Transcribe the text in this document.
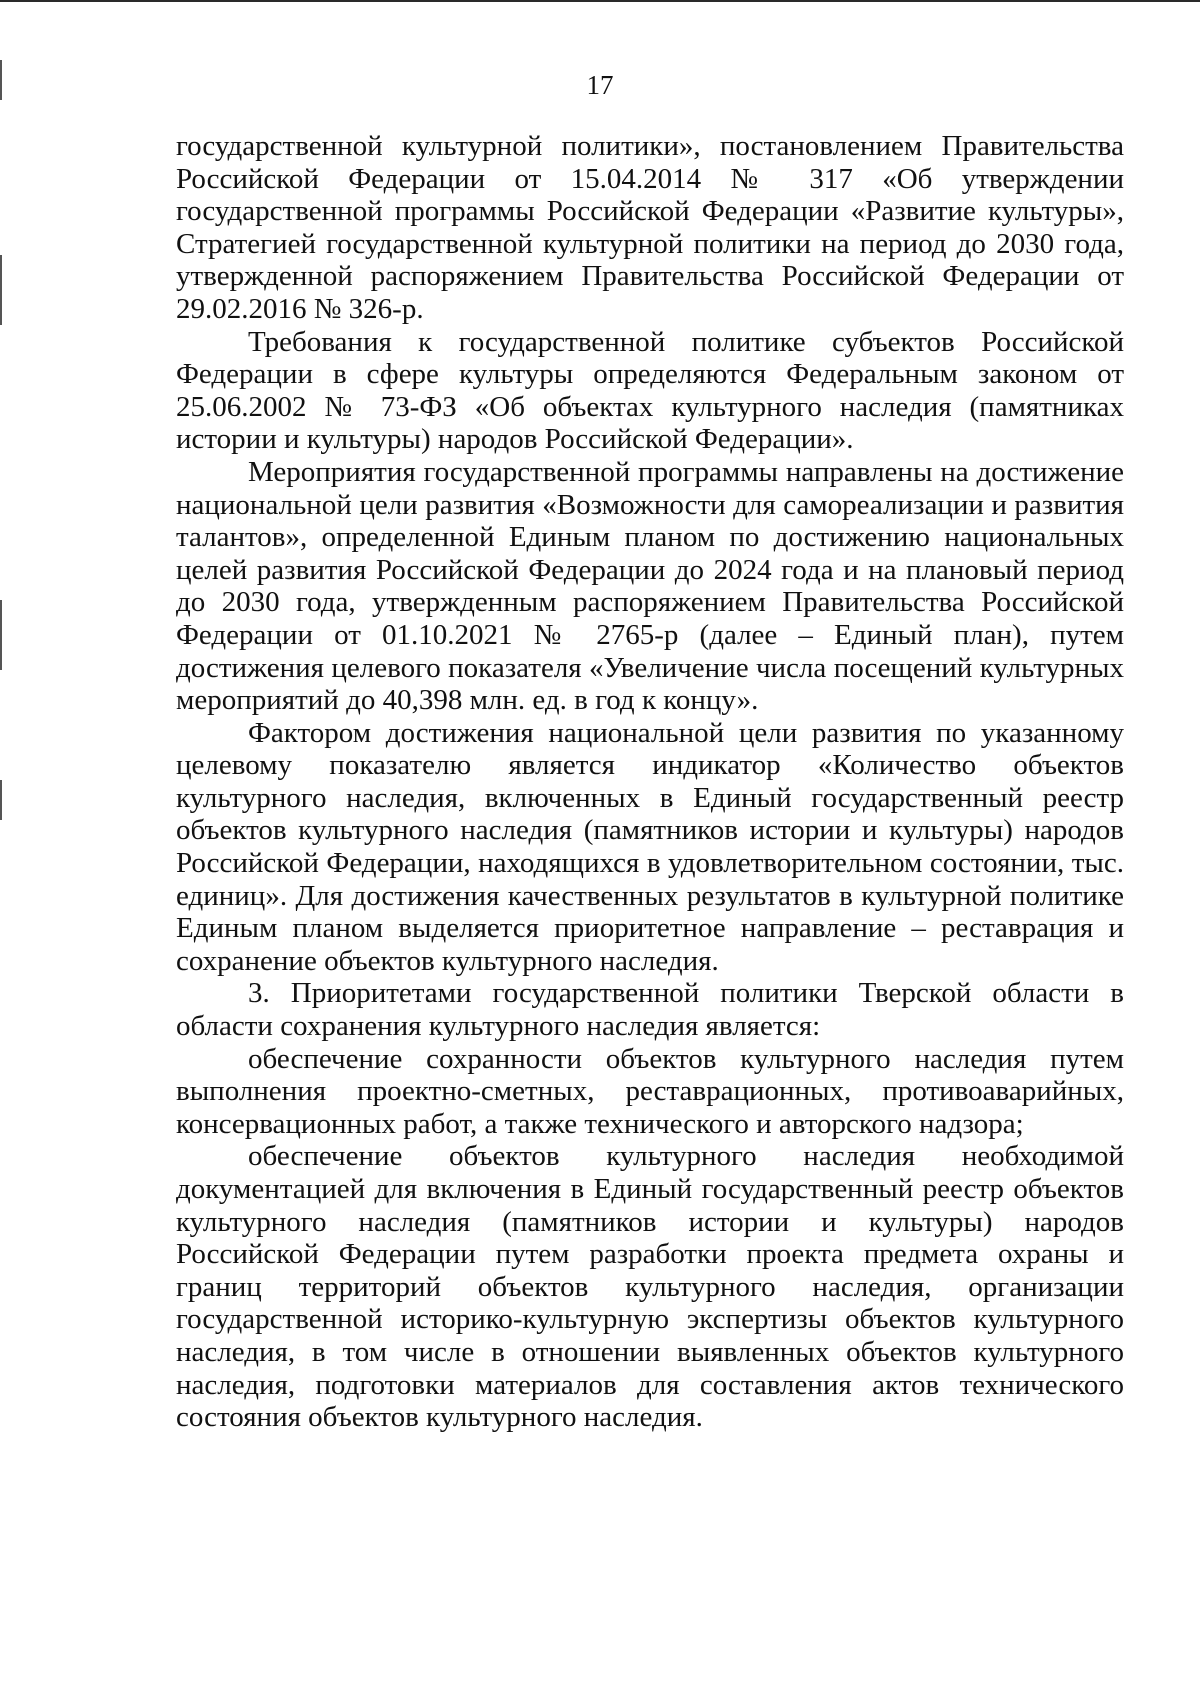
17

государственной культурной политики», постановлением Правительства Российской Федерации от 15.04.2014 № 317 «Об утверждении государственной программы Российской Федерации «Развитие культуры», Стратегией государственной культурной политики на период до 2030 года, утвержденной распоряжением Правительства Российской Федерации от 29.02.2016 № 326-р.

Требования к государственной политике субъектов Российской Федерации в сфере культуры определяются Федеральным законом от 25.06.2002 № 73-ФЗ «Об объектах культурного наследия (памятниках истории и культуры) народов Российской Федерации».

Мероприятия государственной программы направлены на достижение национальной цели развития «Возможности для самореализации и развития талантов», определенной Единым планом по достижению национальных целей развития Российской Федерации до 2024 года и на плановый период до 2030 года, утвержденным распоряжением Правительства Российской Федерации от 01.10.2021 № 2765-р (далее – Единый план), путем достижения целевого показателя «Увеличение числа посещений культурных мероприятий до 40,398 млн. ед. в год к концу».

Фактором достижения национальной цели развития по указанному целевому показателю является индикатор «Количество объектов культурного наследия, включенных в Единый государственный реестр объектов культурного наследия (памятников истории и культуры) народов Российской Федерации, находящихся в удовлетворительном состоянии, тыс. единиц». Для достижения качественных результатов в культурной политике Единым планом выделяется приоритетное направление – реставрация и сохранение объектов культурного наследия.

3. Приоритетами государственной политики Тверской области в области сохранения культурного наследия является:

обеспечение сохранности объектов культурного наследия путем выполнения проектно-сметных, реставрационных, противоаварийных, консервационных работ, а также технического и авторского надзора;

обеспечение объектов культурного наследия необходимой документацией для включения в Единый государственный реестр объектов культурного наследия (памятников истории и культуры) народов Российской Федерации путем разработки проекта предмета охраны и границ территорий объектов культурного наследия, организации государственной историко-культурную экспертизы объектов культурного наследия, в том числе в отношении выявленных объектов культурного наследия, подготовки материалов для составления актов технического состояния объектов культурного наследия.
